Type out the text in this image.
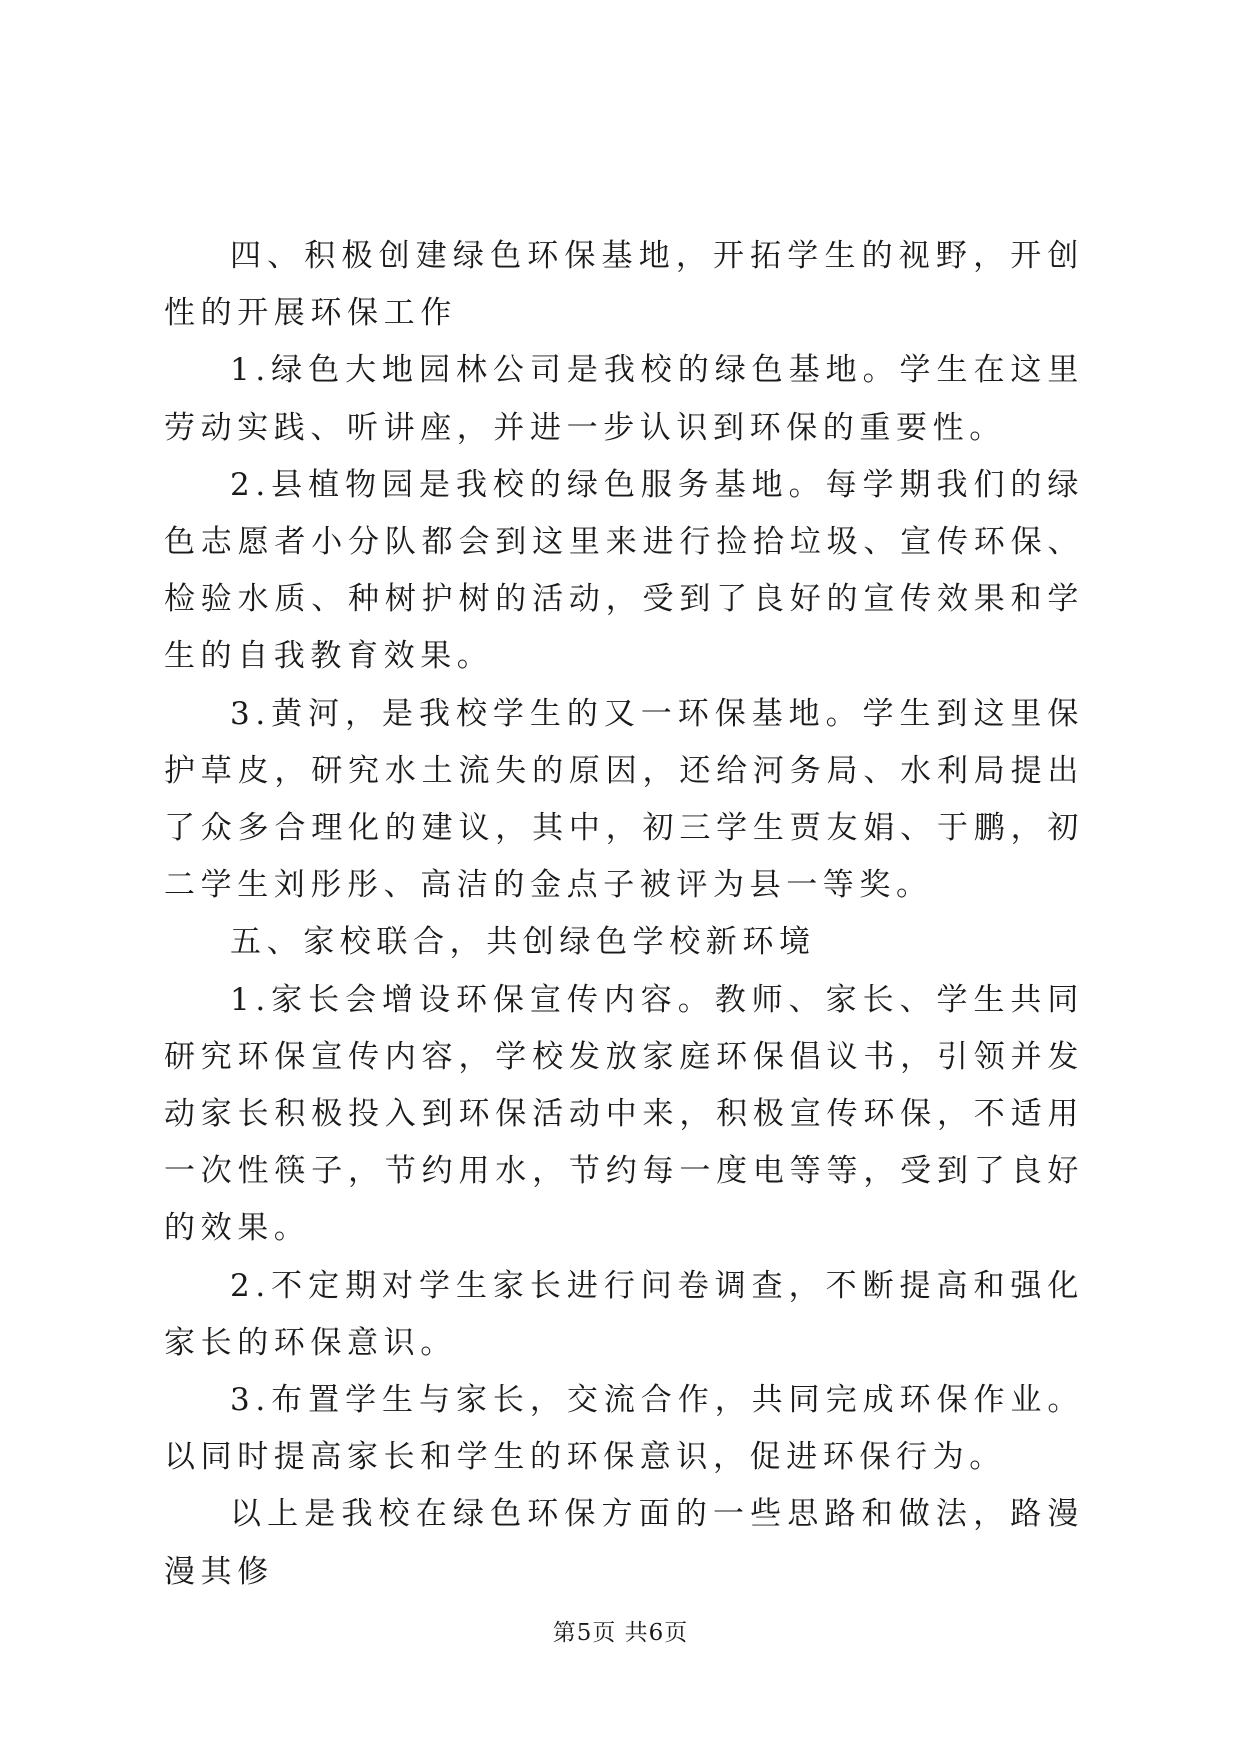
四、积极创建绿色环保基地，开拓学生的视野，开创性的开展环保工作

1.绿色大地园林公司是我校的绿色基地。学生在这里劳动实践、听讲座，并进一步认识到环保的重要性。

2.县植物园是我校的绿色服务基地。每学期我们的绿色志愿者小分队都会到这里来进行捡拾垃圾、宣传环保、检验水质、种树护树的活动，受到了良好的宣传效果和学生的自我教育效果。

3.黄河，是我校学生的又一环保基地。学生到这里保护草皮，研究水土流失的原因，还给河务局、水利局提出了众多合理化的建议，其中，初三学生贾友娟、于鹏，初二学生刘彤彤、高洁的金点子被评为县一等奖。

五、家校联合，共创绿色学校新环境

1.家长会增设环保宣传内容。教师、家长、学生共同研究环保宣传内容，学校发放家庭环保倡议书，引领并发动家长积极投入到环保活动中来，积极宣传环保，不适用一次性筷子，节约用水，节约每一度电等等，受到了良好的效果。

2.不定期对学生家长进行问卷调查，不断提高和强化家长的环保意识。

3.布置学生与家长，交流合作，共同完成环保作业。以同时提高家长和学生的环保意识，促进环保行为。

以上是我校在绿色环保方面的一些思路和做法，路漫漫其修

第5页 共6页
